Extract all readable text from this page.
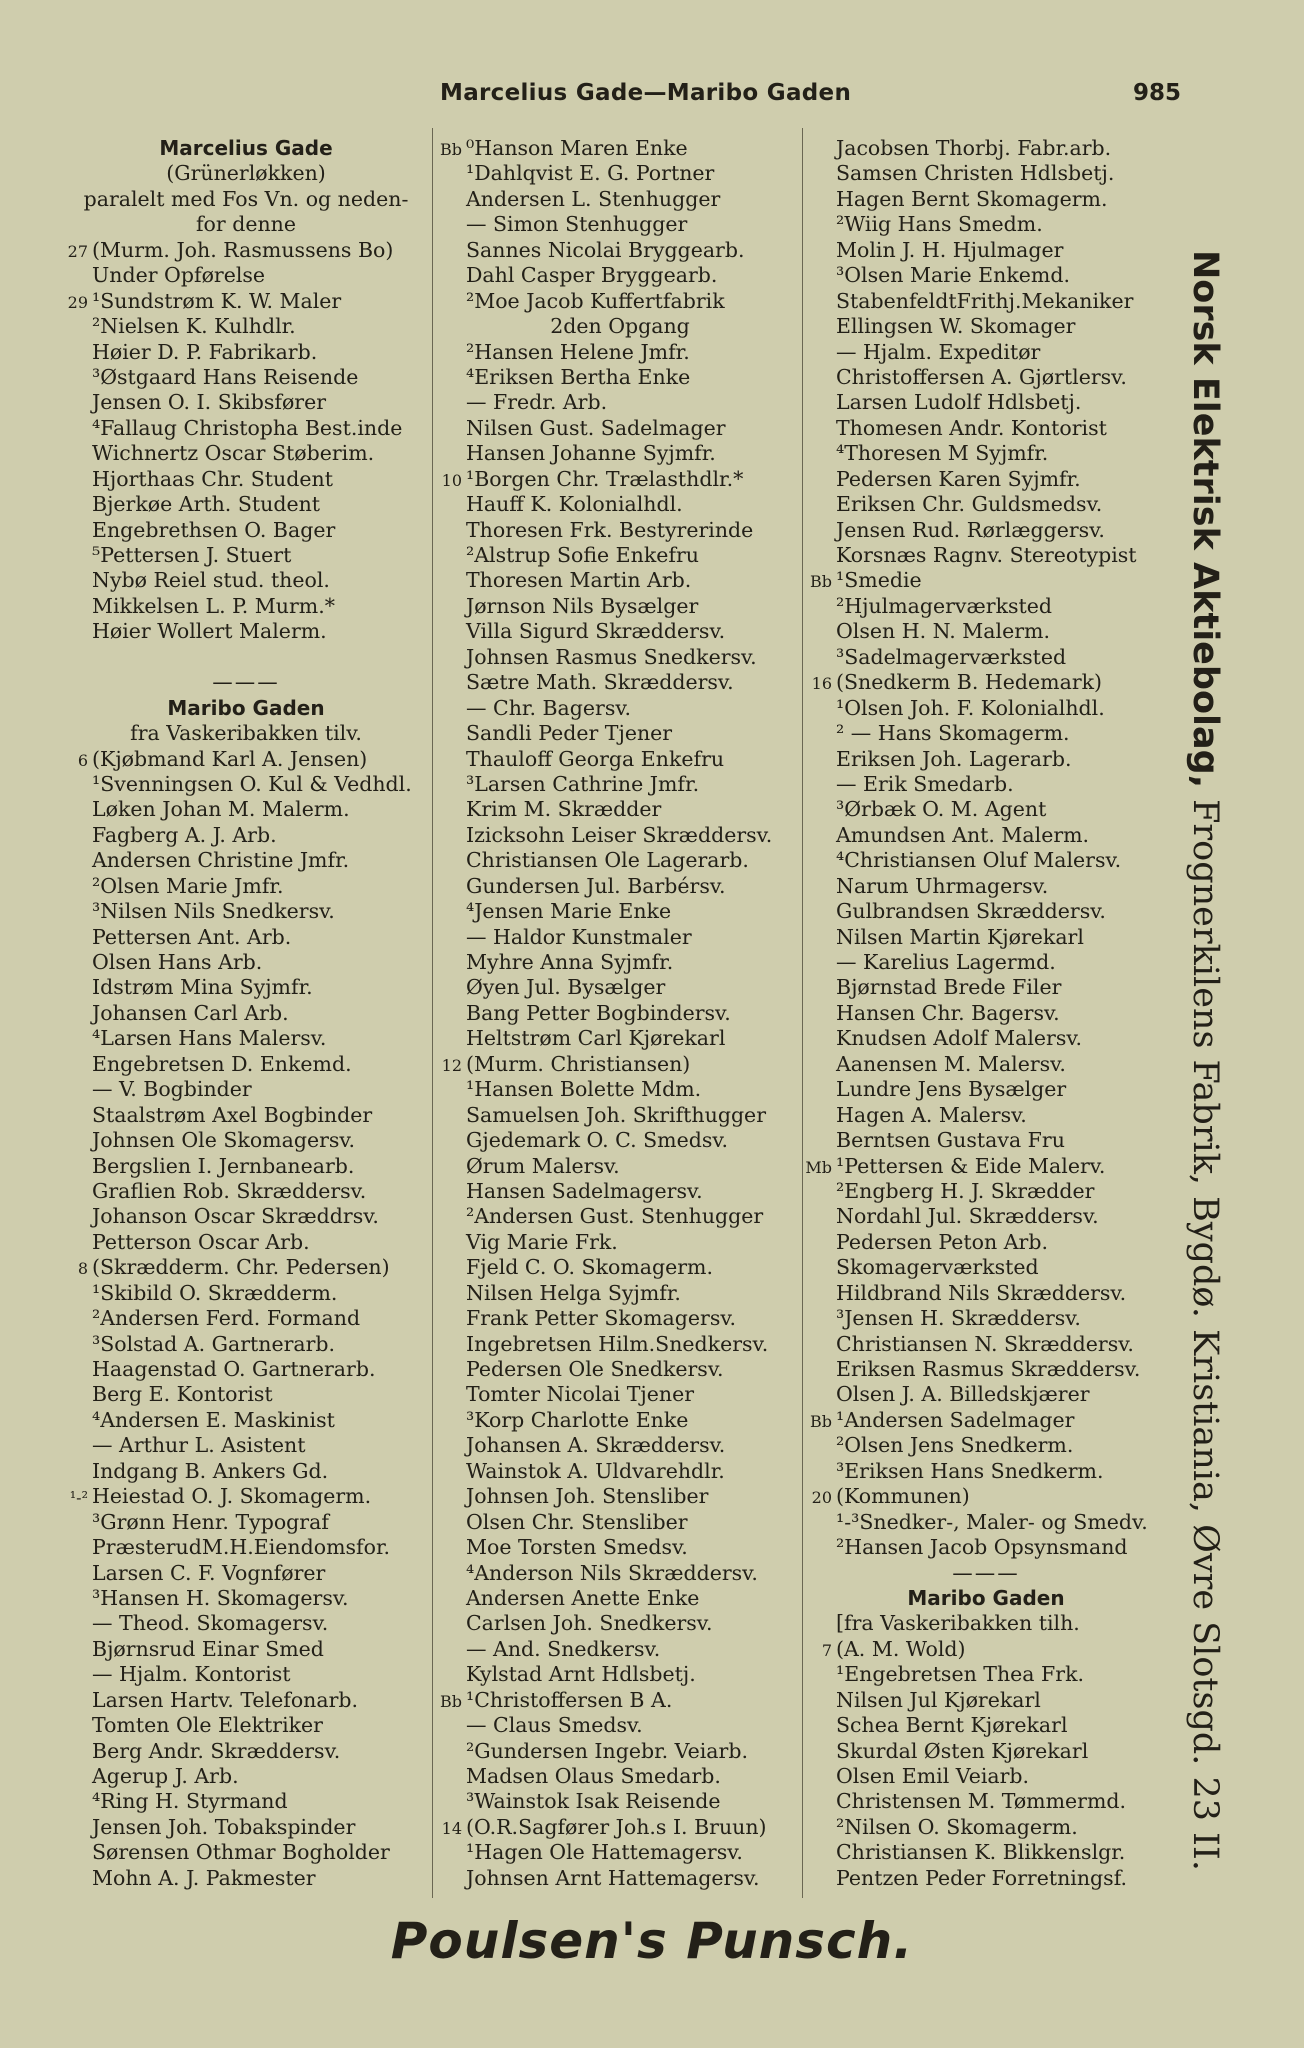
Marcelius Gade—Maribo Gaden	985
Marcelius Gade
(Grünerløkken)
paralelt med Fos Vn. og neden-
for denne
27 (Murm. Joh. Rasmussens Bo)
Under Opførelse
29 ¹Sundstrøm K. W. Maler
²Nielsen K. Kulhdlr.
Høier D. P. Fabrikarb.
³Østgaard Hans Reisende
Jensen O. I. Skibsfører
⁴Fallaug Christopha Best.inde
Wichnertz Oscar Støberim.
Hjorthaas Chr. Student
Bjerkøe Arth. Student
Engebrethsen O. Bager
⁵Pettersen J. Stuert
Nybø Reiel stud. theol.
Mikkelsen L. P. Murm.*
Høier Wollert Malerm.
———
Maribo Gaden
fra Vaskeribakken tilv.
6 (Kjøbmand Karl A. Jensen)
¹Svenningsen O. Kul & Vedhdl.
Løken Johan M. Malerm.
Fagberg A. J. Arb.
Andersen Christine Jmfr.
²Olsen Marie Jmfr.
³Nilsen Nils Snedkersv.
Pettersen Ant. Arb.
Olsen Hans Arb.
Idstrøm Mina Syjmfr.
Johansen Carl Arb.
⁴Larsen Hans Malersv.
Engebretsen D. Enkemd.
— V. Bogbinder
Staalstrøm Axel Bogbinder
Johnsen Ole Skomagersv.
Bergslien I. Jernbanearb.
Graflien Rob. Skræddersv.
Johanson Oscar Skræddrsv.
Petterson Oscar Arb.
8 (Skrædderm. Chr. Pedersen)
¹Skibild O. Skrædderm.
²Andersen Ferd. Formand
³Solstad A. Gartnerarb.
Haagenstad O. Gartnerarb.
Berg E. Kontorist
⁴Andersen E. Maskinist
— Arthur L. Asistent
Indgang B. Ankers Gd.
¹-² Heiestad O. J. Skomagerm.
³Grønn Henr. Typograf
PræsterudM.H.Eiendomsfor.
Larsen C. F. Vognfører
³Hansen H. Skomagersv.
— Theod. Skomagersv.
Bjørnsrud Einar Smed
— Hjalm. Kontorist
Larsen Hartv. Telefonarb.
Tomten Ole Elektriker
Berg Andr. Skræddersv.
Agerup J. Arb.
⁴Ring H. Styrmand
Jensen Joh. Tobakspinder
Sørensen Othmar Bogholder
Mohn A. J. Pakmester
Bb ⁰Hanson Maren Enke
¹Dahlqvist E. G. Portner
Andersen L. Stenhugger
— Simon Stenhugger
Sannes Nicolai Bryggearb.
Dahl Casper Bryggearb.
²Moe Jacob Kuffertfabrik
2den Opgang
²Hansen Helene Jmfr.
⁴Eriksen Bertha Enke
— Fredr. Arb.
Nilsen Gust. Sadelmager
Hansen Johanne Syjmfr.
10 ¹Borgen Chr. Trælasthdlr.*
Hauff K. Kolonialhdl.
Thoresen Frk. Bestyrerinde
²Alstrup Sofie Enkefru
Thoresen Martin Arb.
Jørnson Nils Bysælger
Villa Sigurd Skræddersv.
Johnsen Rasmus Snedkersv.
Sætre Math. Skræddersv.
— Chr. Bagersv.
Sandli Peder Tjener
Thauloff Georga Enkefru
³Larsen Cathrine Jmfr.
Krim M. Skrædder
Izicksohn Leiser Skræddersv.
Christiansen Ole Lagerarb.
Gundersen Jul. Barbérsv.
⁴Jensen Marie Enke
— Haldor Kunstmaler
Myhre Anna Syjmfr.
Øyen Jul. Bysælger
Bang Petter Bogbindersv.
Heltstrøm Carl Kjørekarl
12 (Murm. Christiansen)
¹Hansen Bolette Mdm.
Samuelsen Joh. Skrifthugger
Gjedemark O. C. Smedsv.
Ørum Malersv.
Hansen Sadelmagersv.
²Andersen Gust. Stenhugger
Vig Marie Frk.
Fjeld C. O. Skomagerm.
Nilsen Helga Syjmfr.
Frank Petter Skomagersv.
Ingebretsen Hilm.Snedkersv.
Pedersen Ole Snedkersv.
Tomter Nicolai Tjener
³Korp Charlotte Enke
Johansen A. Skræddersv.
Wainstok A. Uldvarehdlr.
Johnsen Joh. Stensliber
Olsen Chr. Stensliber
Moe Torsten Smedsv.
⁴Anderson Nils Skræddersv.
Andersen Anette Enke
Carlsen Joh. Snedkersv.
— And. Snedkersv.
Kylstad Arnt Hdlsbetj.
Bb ¹Christoffersen B A.
— Claus Smedsv.
²Gundersen Ingebr. Veiarb.
Madsen Olaus Smedarb.
³Wainstok Isak Reisende
14 (O.R.Sagfører Joh.s I. Bruun)
¹Hagen Ole Hattemagersv.
Johnsen Arnt Hattemagersv.
Jacobsen Thorbj. Fabr.arb.
Samsen Christen Hdlsbetj.
Hagen Bernt Skomagerm.
²Wiig Hans Smedm.
Molin J. H. Hjulmager
³Olsen Marie Enkemd.
StabenfeldtFrithj.Mekaniker
Ellingsen W. Skomager
— Hjalm. Expeditør
Christoffersen A. Gjørtlersv.
Larsen Ludolf Hdlsbetj.
Thomesen Andr. Kontorist
⁴Thoresen M Syjmfr.
Pedersen Karen Syjmfr.
Eriksen Chr. Guldsmedsv.
Jensen Rud. Rørlæggersv.
Korsnæs Ragnv. Stereotypist
Bb ¹Smedie
²Hjulmagerværksted
Olsen H. N. Malerm.
³Sadelmagerværksted
16 (Snedkerm B. Hedemark)
¹Olsen Joh. F. Kolonialhdl.
² — Hans Skomagerm.
Eriksen Joh. Lagerarb.
— Erik Smedarb.
³Ørbæk O. M. Agent
Amundsen Ant. Malerm.
⁴Christiansen Oluf Malersv.
Narum Uhrmagersv.
Gulbrandsen Skræddersv.
Nilsen Martin Kjørekarl
— Karelius Lagermd.
Bjørnstad Brede Filer
Hansen Chr. Bagersv.
Knudsen Adolf Malersv.
Aanensen M. Malersv.
Lundre Jens Bysælger
Hagen A. Malersv.
Berntsen Gustava Fru
Mb ¹Pettersen & Eide Malerv.
²Engberg H. J. Skrædder
Nordahl Jul. Skræddersv.
Pedersen Peton Arb.
Skomagerværksted
Hildbrand Nils Skræddersv.
³Jensen H. Skræddersv.
Christiansen N. Skræddersv.
Eriksen Rasmus Skræddersv.
Olsen J. A. Billedskjærer
Bb ¹Andersen Sadelmager
²Olsen Jens Snedkerm.
³Eriksen Hans Snedkerm.
20 (Kommunen)
¹-³Snedker-, Maler- og Smedv.
²Hansen Jacob Opsynsmand
———
Maribo Gaden
[fra Vaskeribakken tilh.
7 (A. M. Wold)
¹Engebretsen Thea Frk.
Nilsen Jul Kjørekarl
Schea Bernt Kjørekarl
Skurdal Østen Kjørekarl
Olsen Emil Veiarb.
Christensen M. Tømmermd.
²Nilsen O. Skomagerm.
Christiansen K. Blikkenslgr.
Pentzen Peder Forretningsf.
Norsk Elektrisk Aktiebolag, Frognerkilens Fabrik, Bygdø. Kristiania, Øvre Slotsgd. 23 II.
Poulsen's Punsch.
